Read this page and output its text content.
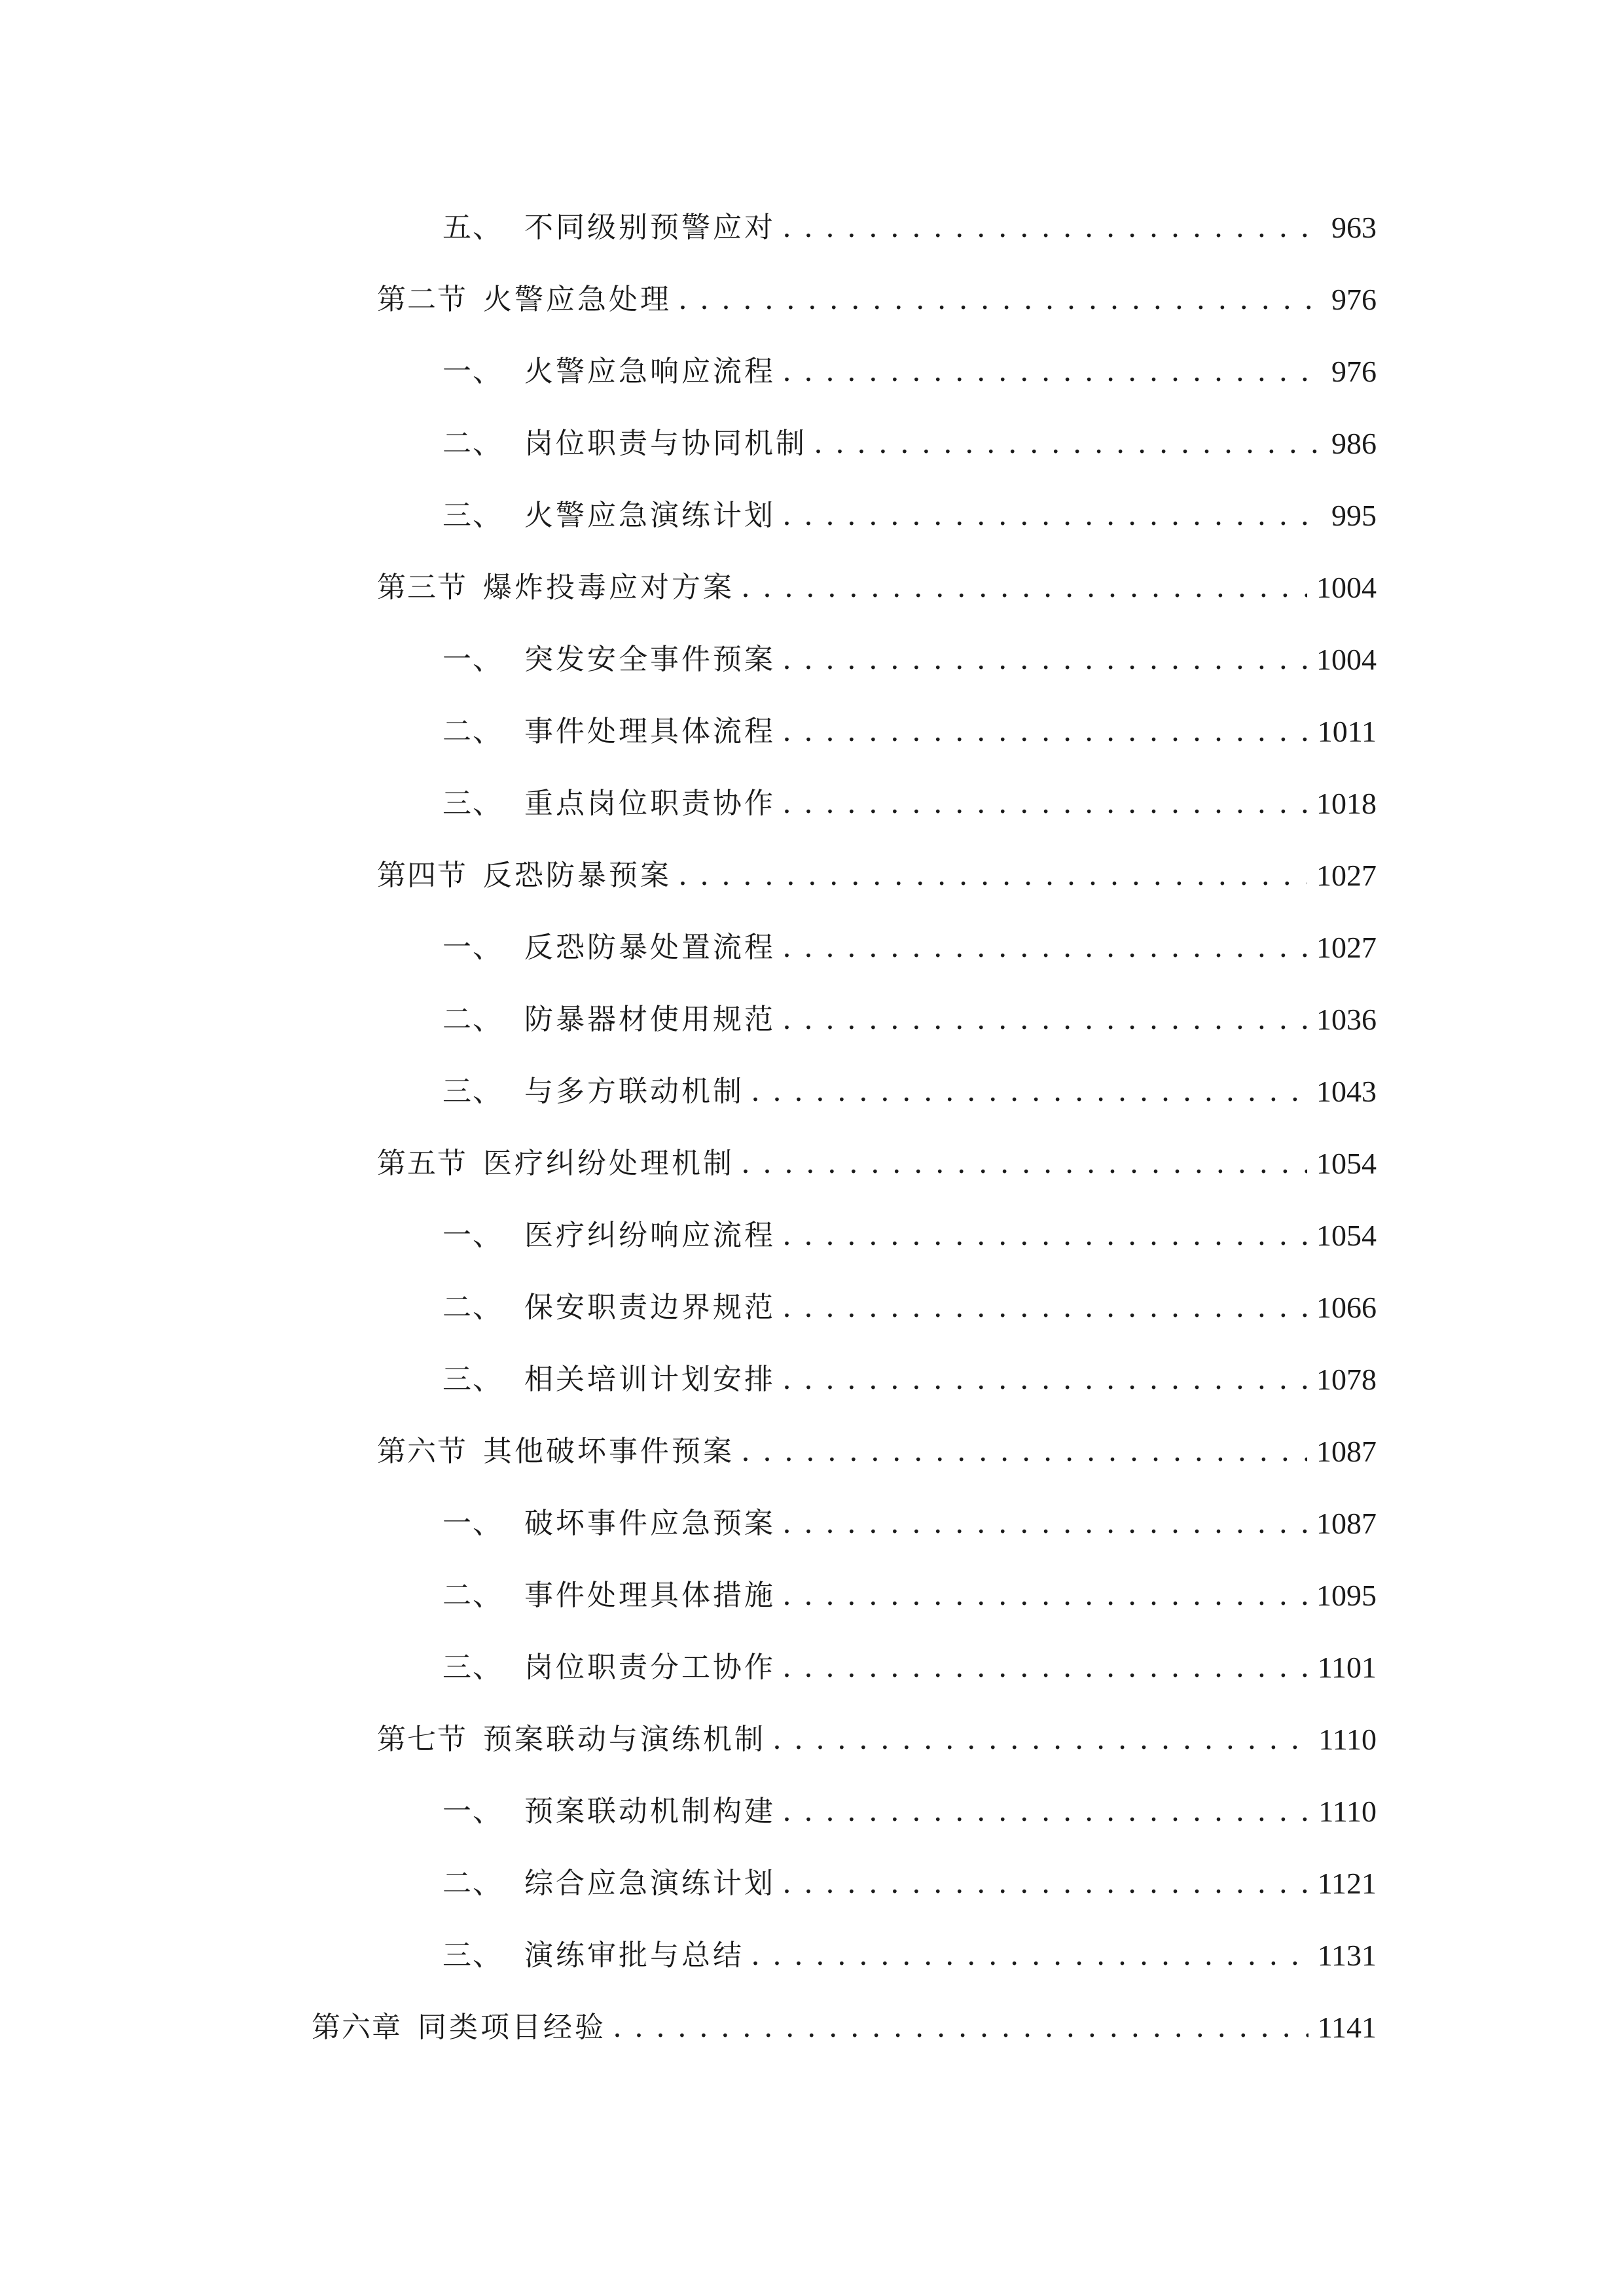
五、 不同级别预警应对 . . .	963
第二节 火警应急处理 . . .	976
一、 火警应急响应流程 . . .	976
二、 岗位职责与协同机制 . . .	986
三、 火警应急演练计划 . . .	995
第三节 爆炸投毒应对方案 . . .	1004
一、 突发安全事件预案 . . .	1004
二、 事件处理具体流程 . . .	1011
三、 重点岗位职责协作 . . .	1018
第四节 反恐防暴预案 . . .	1027
一、 反恐防暴处置流程 . . .	1027
二、 防暴器材使用规范 . . .	1036
三、 与多方联动机制 . . .	1043
第五节 医疗纠纷处理机制 . . .	1054
一、 医疗纠纷响应流程 . . .	1054
二、 保安职责边界规范 . . .	1066
三、 相关培训计划安排 . . .	1078
第六节 其他破坏事件预案 . . .	1087
一、 破坏事件应急预案 . . .	1087
二、 事件处理具体措施 . . .	1095
三、 岗位职责分工协作 . . .	1101
第七节 预案联动与演练机制 . . .	1110
一、 预案联动机制构建 . . .	1110
二、 综合应急演练计划 . . .	1121
三、 演练审批与总结 . . .	1131
第六章 同类项目经验 . . .	1141
